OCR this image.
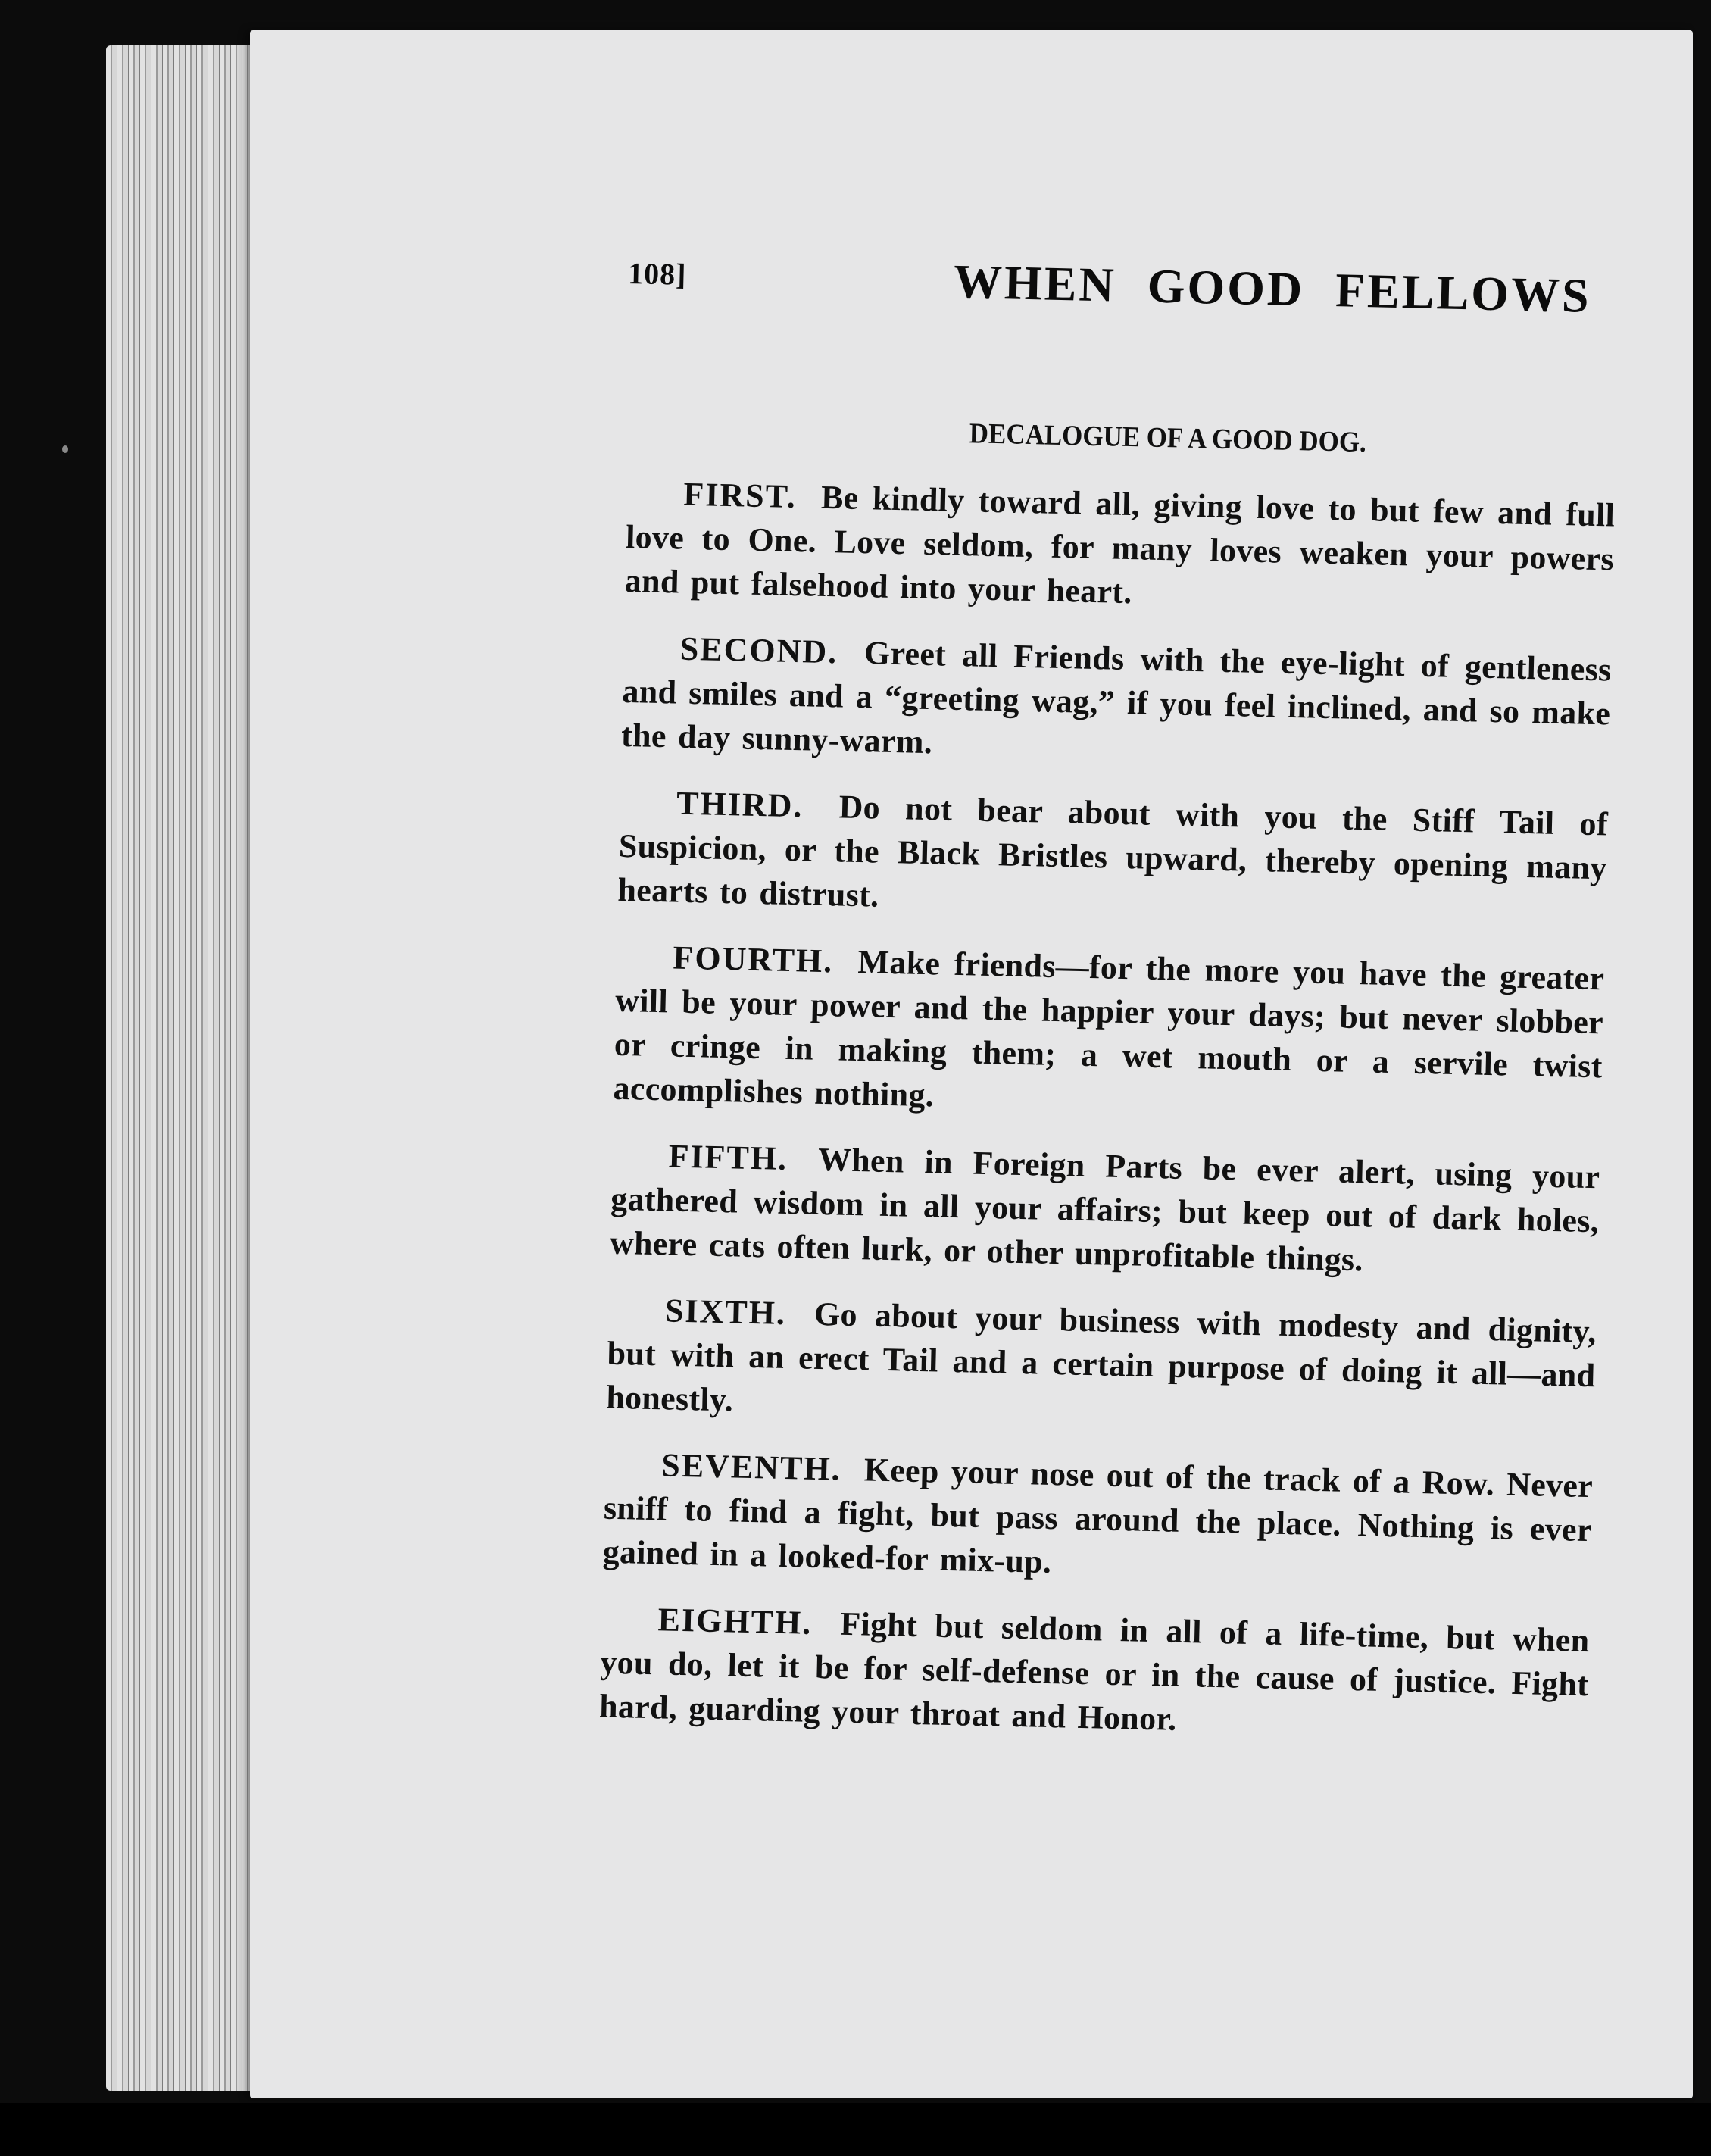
108]	WHEN GOOD FELLOWS
DECALOGUE OF A GOOD DOG.

FIRST. Be kindly toward all, giving love to but few and full love to One. Love seldom, for many loves weaken your powers and put falsehood into your heart.

SECOND. Greet all Friends with the eye-light of gentleness and smiles and a “greeting wag,” if you feel inclined, and so make the day sunny-warm.

THIRD. Do not bear about with you the Stiff Tail of Suspicion, or the Black Bristles upward, thereby opening many hearts to distrust.

FOURTH. Make friends—for the more you have the greater will be your power and the happier your days; but never slobber or cringe in making them; a wet mouth or a servile twist accomplishes nothing.

FIFTH. When in Foreign Parts be ever alert, using your gathered wisdom in all your affairs; but keep out of dark holes, where cats often lurk, or other unprofitable things.

SIXTH. Go about your business with modesty and dignity, but with an erect Tail and a certain purpose of doing it all—and honestly.

SEVENTH. Keep your nose out of the track of a Row. Never sniff to find a fight, but pass around the place. Nothing is ever gained in a looked-for mix-up.

EIGHTH. Fight but seldom in all of a life-time, but when you do, let it be for self-defense or in the cause of justice. Fight hard, guarding your throat and Honor.
